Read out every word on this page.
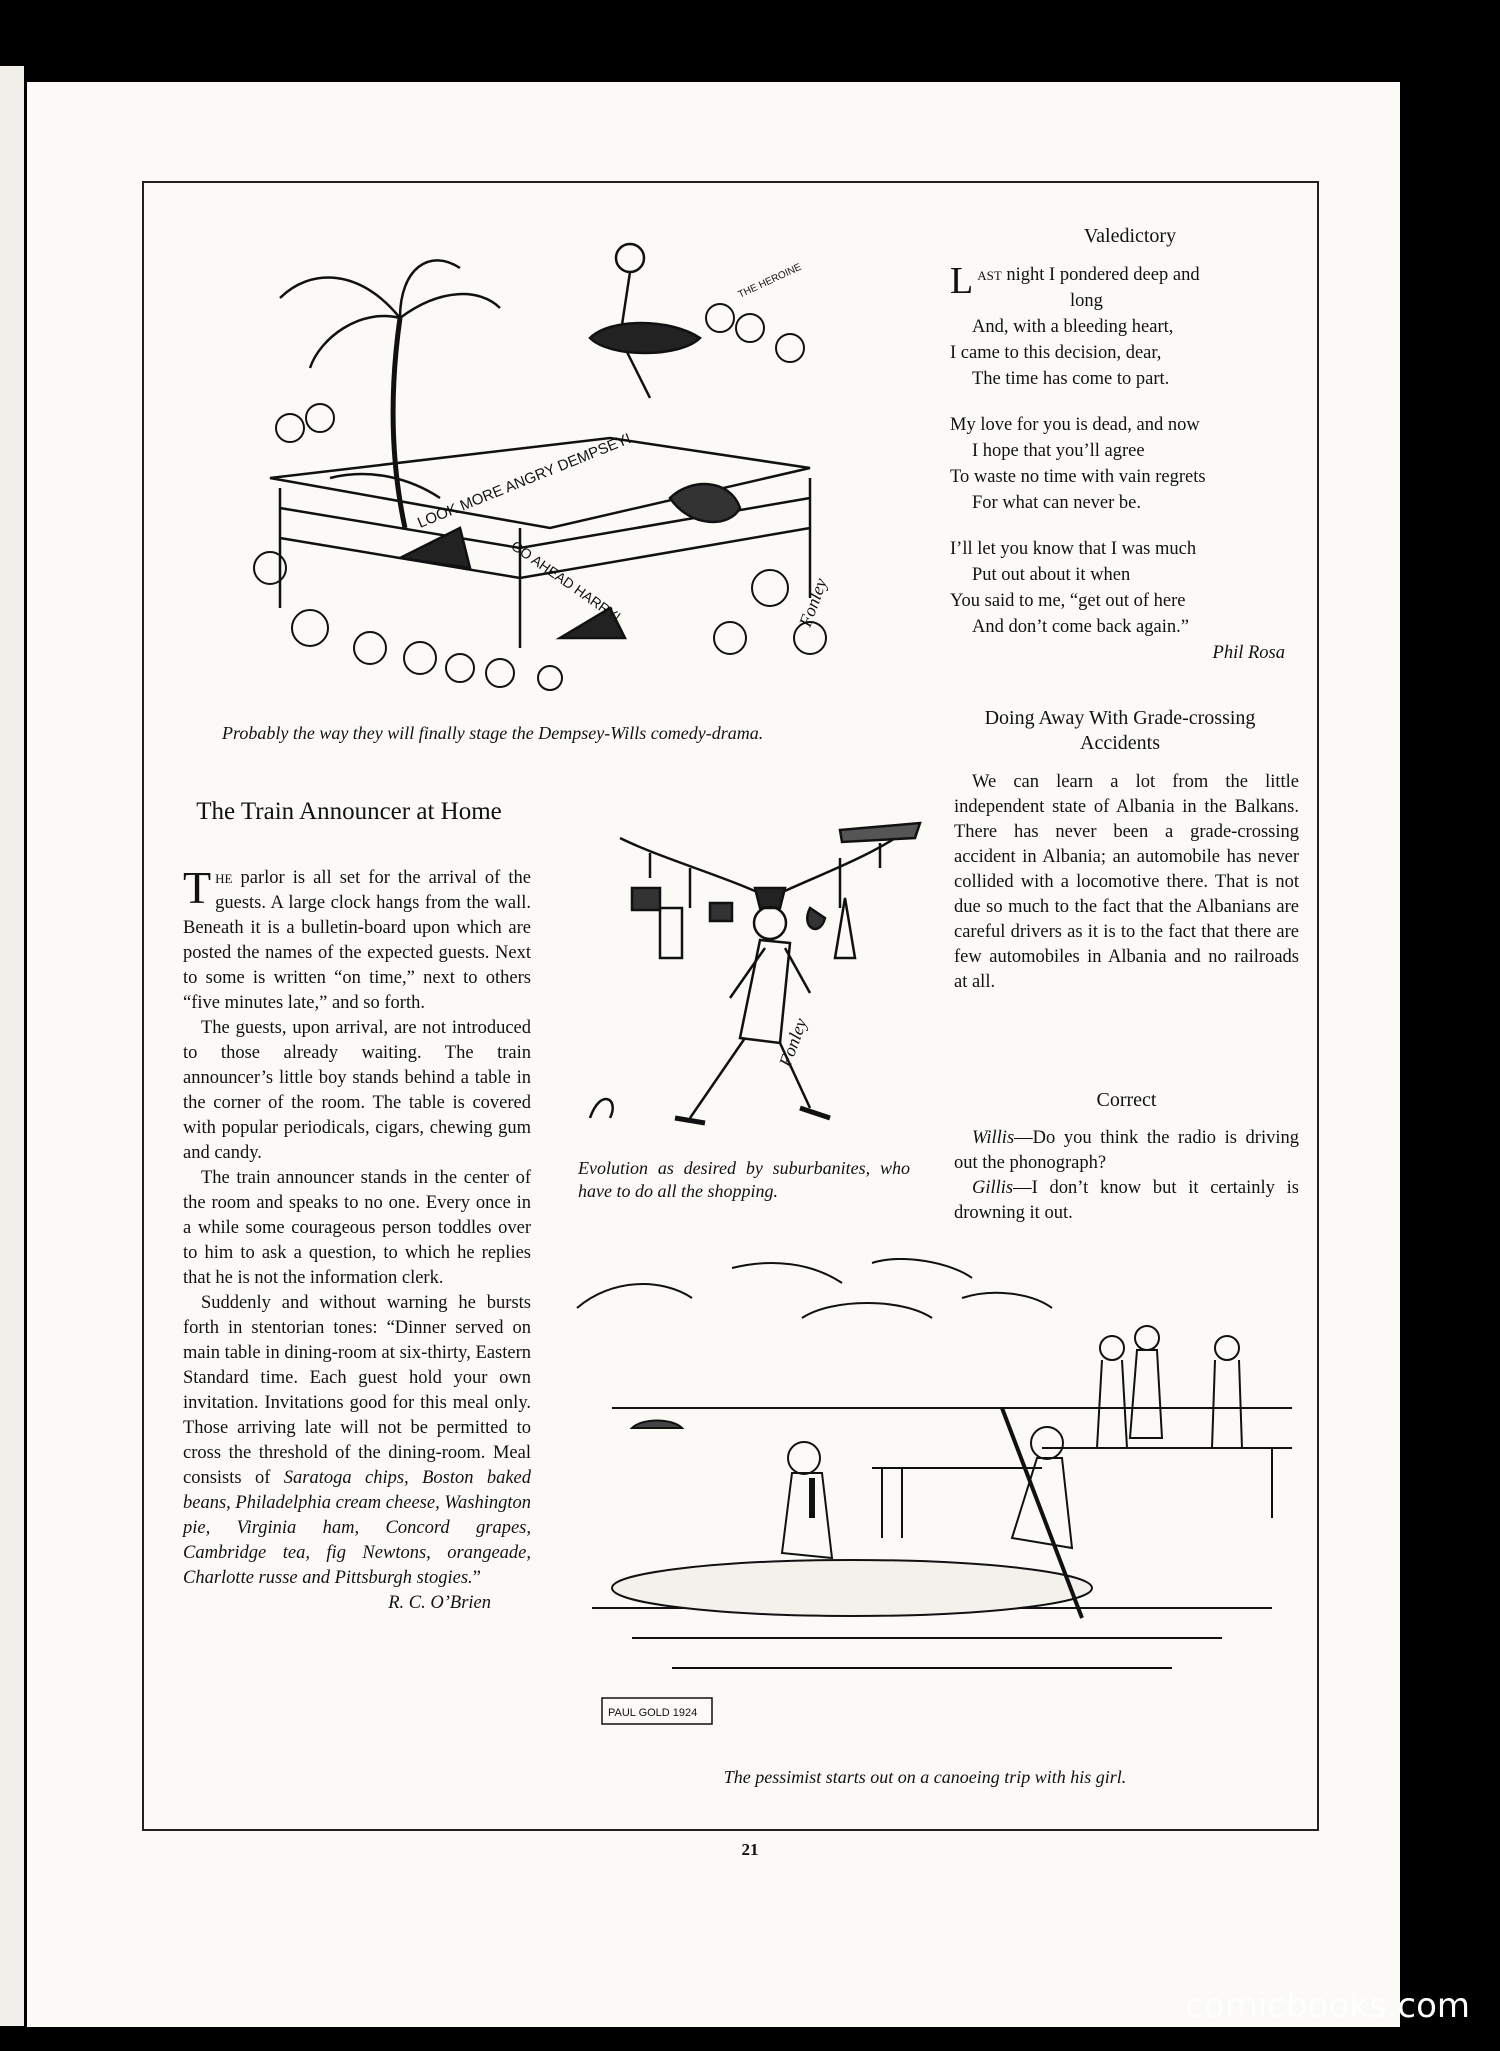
LOOK MORE ANGRY DEMPSEY!
GO AHEAD HARRY!
THE HEROINE
Fonley
Probably the way they will finally stage the Dempsey-Wills comedy-drama.
The Train Announcer at Home

The parlor is all set for the arrival of the guests. A large clock hangs from the wall. Beneath it is a bulletin-board upon which are posted the names of the expected guests. Next to some is written “on time,” next to others “five minutes late,” and so forth.

The guests, upon arrival, are not introduced to those already waiting. The train announcer’s little boy stands behind a table in the corner of the room. The table is covered with popular periodicals, cigars, chewing gum and candy.

The train announcer stands in the center of the room and speaks to no one. Every once in a while some courageous person toddles over to him to ask a question, to which he replies that he is not the information clerk.

Suddenly and without warning he bursts forth in stentorian tones: “Dinner served on main table in dining-room at six-thirty, Eastern Standard time. Each guest hold your own invitation. Invitations good for this meal only. Those arriving late will not be permitted to cross the threshold of the dining-room. Meal consists of Saratoga chips, Boston baked beans, Philadelphia cream cheese, Washington pie, Virginia ham, Concord grapes, Cambridge tea, fig Newtons, orangeade, Charlotte russe and Pittsburgh stogies.”

R. C. O’Brien

Fonley
Evolution as desired by suburbanites, who have to do all the shopping.
Valedictory
Last night I pondered deep and
long
And, with a bleeding heart,
I came to this decision, dear,
The time has come to part.
My love for you is dead, and now
I hope that you’ll agree
To waste no time with vain regrets
For what can never be.
I’ll let you know that I was much
Put out about it when
You said to me, “get out of here
And don’t come back again.”
Phil Rosa
Doing Away With Grade-crossing Accidents

We can learn a lot from the little independent state of Albania in the Balkans. There has never been a grade-crossing accident in Albania; an automobile has never collided with a locomotive there. That is not due so much to the fact that the Albanians are careful drivers as it is to the fact that there are few automobiles in Albania and no railroads at all.

Correct

Willis—Do you think the radio is driving out the phonograph?

Gillis—I don’t know but it certainly is drowning it out.

PAUL GOLD 1924
The pessimist starts out on a canoeing trip with his girl.
21
comicbooks.com
